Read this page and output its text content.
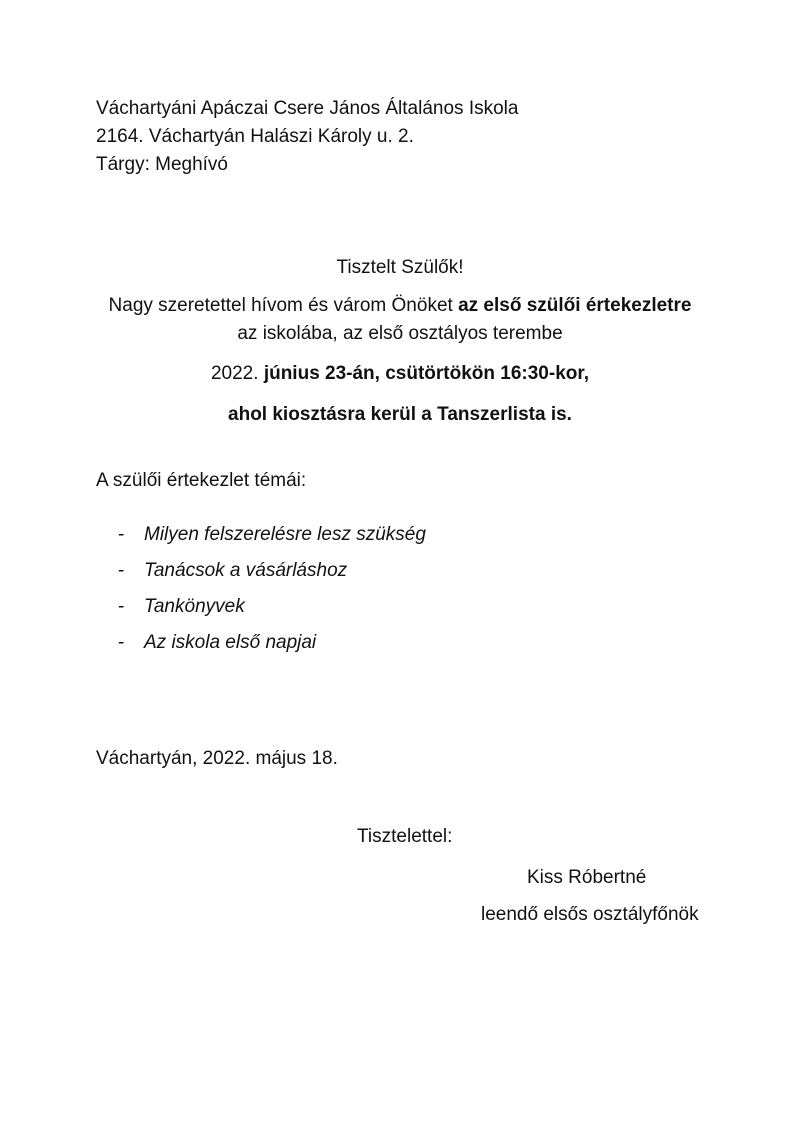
Váchartyáni Apáczai Csere János Általános Iskola
2164. Váchartyán Halászi Károly u. 2.
Tárgy: Meghívó
Tisztelt Szülők!
Nagy szeretettel hívom és várom Önöket az első szülői értekezletre
az iskolába, az első osztályos terembe
2022. június 23-án, csütörtökön 16:30-kor,
ahol kiosztásra kerül a Tanszerlista is.
A szülői értekezlet témái:
- Milyen felszerelésre lesz szükség
- Tanácsok a vásárláshoz
- Tankönyvek
- Az iskola első napjai
Váchartyán, 2022. május 18.
Tisztelettel:
Kiss Róbertné
leendő elsős osztályfőnök
